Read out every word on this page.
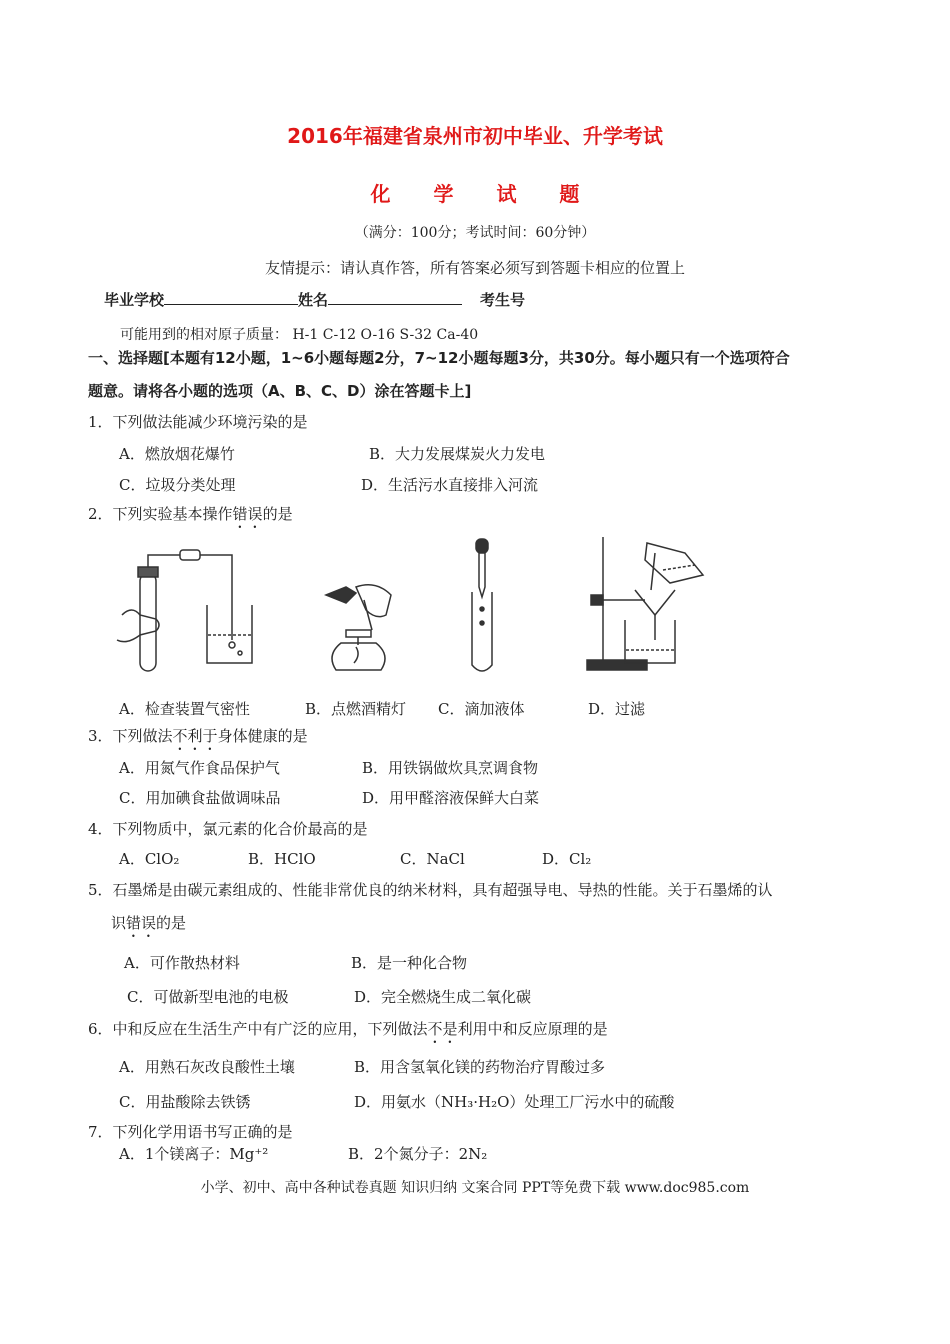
2016年福建省泉州市初中毕业、升学考试
化 学 试 题
（满分：100分；考试时间：60分钟）
友情提示：请认真作答，所有答案必须写到答题卡相应的位置上
毕业学校	姓名	考生号
可能用到的相对原子质量： H-1 C-12 O-16 S-32 Ca-40
一、选择题[本题有12小题，1~6小题每题2分，7~12小题每题3分，共30分。每小题只有一个选项符合
题意。请将各小题的选项（A、B、C、D）涂在答题卡上]
1．下列做法能减少环境污染的是
A．燃放烟花爆竹	B．大力发展煤炭火力发电
C．垃圾分类处理	D．生活污水直接排入河流
2．下列实验基本操作错误的是
A．检查装置气密性	B．点燃酒精灯 C．滴加液体	D．过滤
3．下列做法不利于身体健康的是
A．用氮气作食品保护气	B．用铁锅做炊具烹调食物
C．用加碘食盐做调味品	D．用甲醛溶液保鲜大白菜
4．下列物质中，氯元素的化合价最高的是
A．ClO₂	B．HClO	C．NaCl	D．Cl₂
5．石墨烯是由碳元素组成的、性能非常优良的纳米材料，具有超强导电、导热的性能。关于石墨烯的认
识错误的是
A．可作散热材料	B．是一种化合物
C．可做新型电池的电极	D．完全燃烧生成二氧化碳
6．中和反应在生活生产中有广泛的应用，下列做法不是利用中和反应原理的是
A．用熟石灰改良酸性土壤	B．用含氢氧化镁的药物治疗胃酸过多
C．用盐酸除去铁锈	D．用氨水（NH₃·H₂O）处理工厂污水中的硫酸
7．下列化学用语书写正确的是
A．1个镁离子：Mg⁺²	B．2个氮分子：2N₂
小学、初中、高中各种试卷真题 知识归纳 文案合同 PPT等免费下载 www.doc985.com
